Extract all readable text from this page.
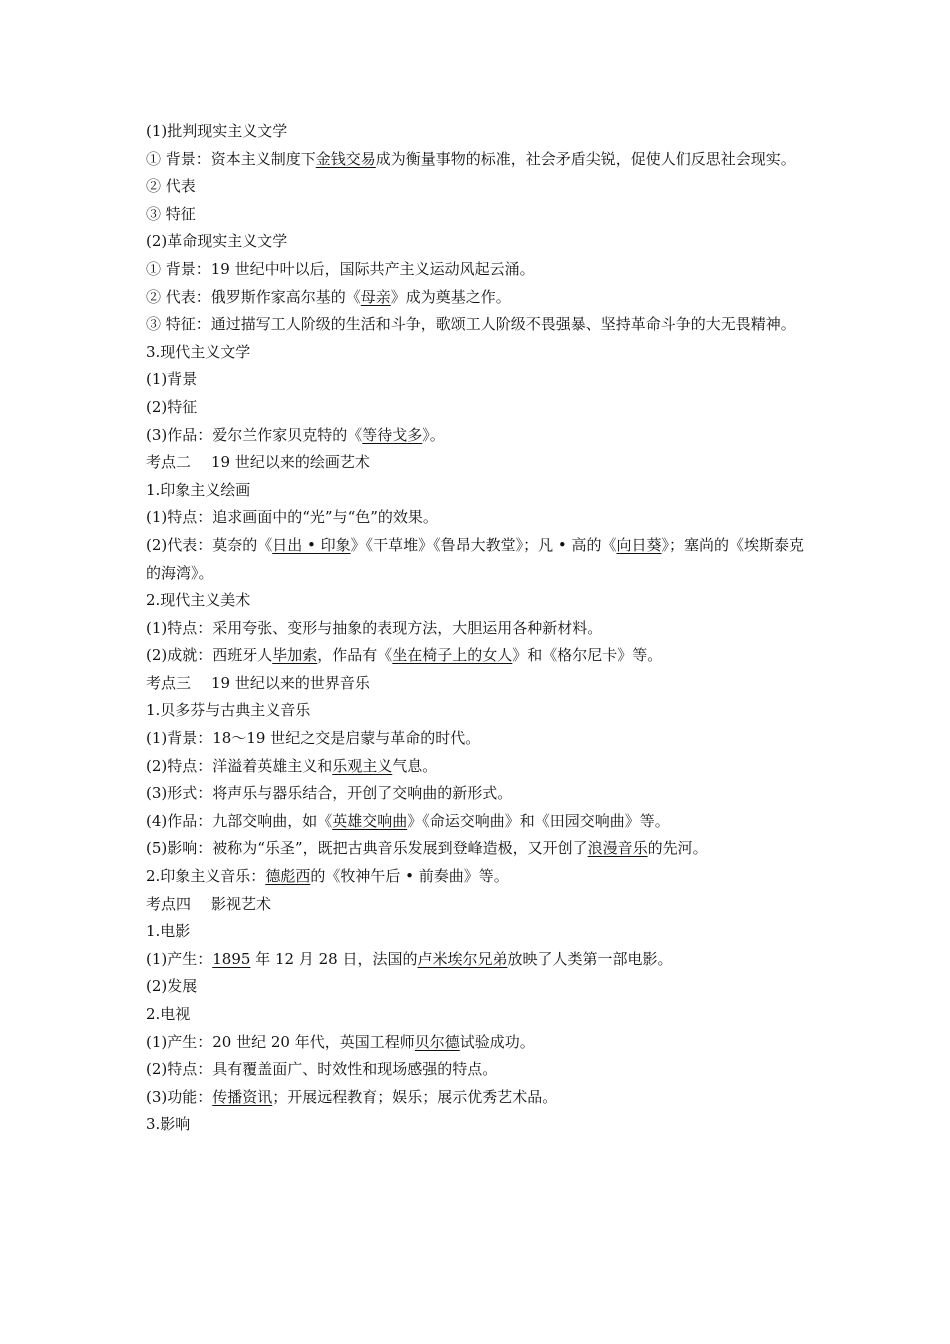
(1)批判现实主义文学

① 背景：资本主义制度下金钱交易成为衡量事物的标准，社会矛盾尖锐，促使人们反思社会现实。

② 代表

③ 特征

(2)革命现实主义文学

① 背景：19 世纪中叶以后，国际共产主义运动风起云涌。

② 代表：俄罗斯作家高尔基的《母亲》成为奠基之作。

③ 特征：通过描写工人阶级的生活和斗争，歌颂工人阶级不畏强暴、坚持革命斗争的大无畏精神。

3.现代主义文学

(1)背景

(2)特征

(3)作品：爱尔兰作家贝克特的《等待戈多》。

考点二 19 世纪以来的绘画艺术

1.印象主义绘画

(1)特点：追求画面中的“光”与“色”的效果。

(2)代表：莫奈的《日出 • 印象》《干草堆》《鲁昂大教堂》；凡 • 高的《向日葵》；塞尚的《埃斯泰克的海湾》。

2.现代主义美术

(1)特点：采用夸张、变形与抽象的表现方法，大胆运用各种新材料。

(2)成就：西班牙人毕加索，作品有《坐在椅子上的女人》和《格尔尼卡》等。

考点三 19 世纪以来的世界音乐

1.贝多芬与古典主义音乐

(1)背景：18～19 世纪之交是启蒙与革命的时代。

(2)特点：洋溢着英雄主义和乐观主义气息。

(3)形式：将声乐与器乐结合，开创了交响曲的新形式。

(4)作品：九部交响曲，如《英雄交响曲》《命运交响曲》和《田园交响曲》等。

(5)影响：被称为“乐圣”，既把古典音乐发展到登峰造极，又开创了浪漫音乐的先河。

2.印象主义音乐：德彪西的《牧神午后 • 前奏曲》等。

考点四 影视艺术

1.电影

(1)产生：1895 年 12 月 28 日，法国的卢米埃尔兄弟放映了人类第一部电影。

(2)发展

2.电视

(1)产生：20 世纪 20 年代，英国工程师贝尔德试验成功。

(2)特点：具有覆盖面广、时效性和现场感强的特点。

(3)功能：传播资讯；开展远程教育；娱乐；展示优秀艺术品。

3.影响
